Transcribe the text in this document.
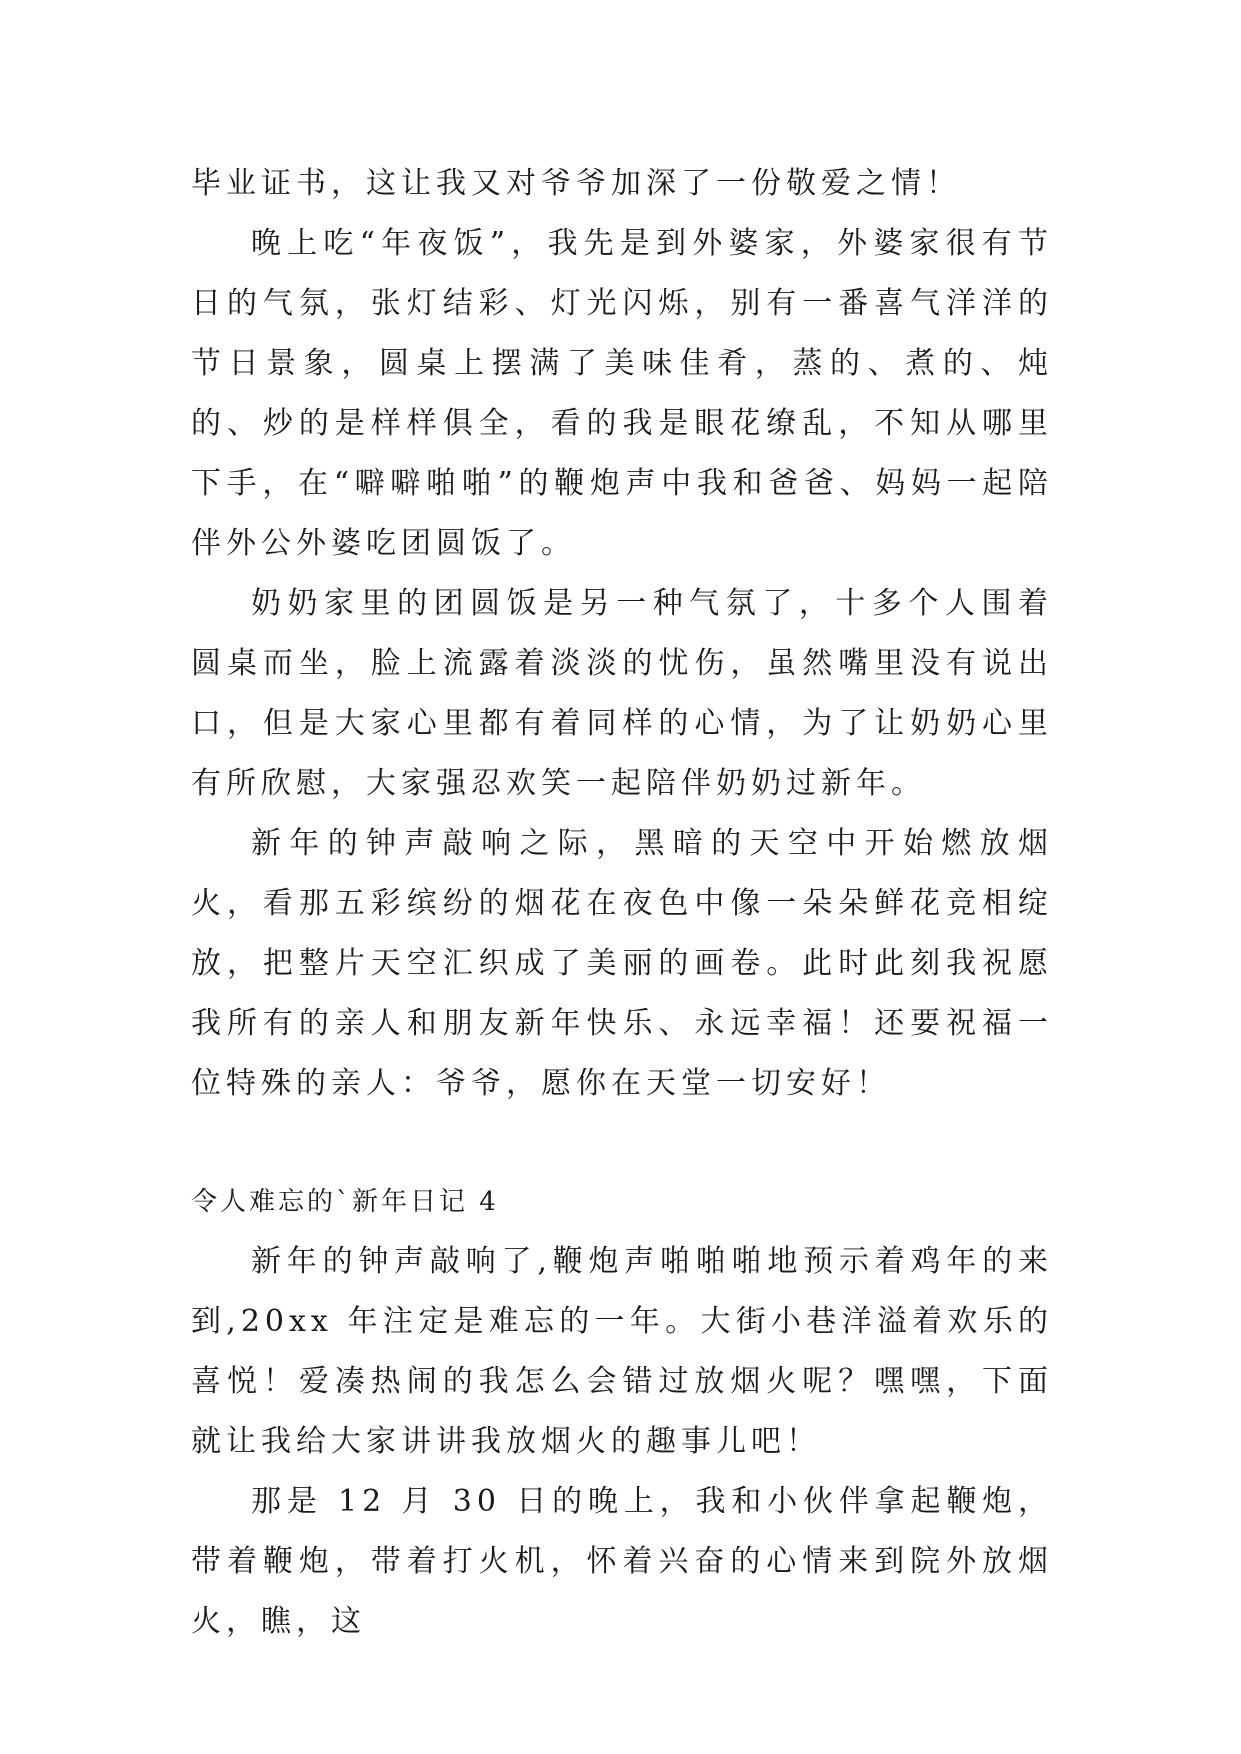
毕业证书，这让我又对爷爷加深了一份敬爱之情！

晚上吃“年夜饭”，我先是到外婆家，外婆家很有节日的气氛，张灯结彩、灯光闪烁，别有一番喜气洋洋的节日景象，圆桌上摆满了美味佳肴，蒸的、煮的、炖的、炒的是样样俱全，看的我是眼花缭乱，不知从哪里下手，在“噼噼啪啪”的鞭炮声中我和爸爸、妈妈一起陪伴外公外婆吃团圆饭了。

奶奶家里的团圆饭是另一种气氛了，十多个人围着圆桌而坐，脸上流露着淡淡的忧伤，虽然嘴里没有说出口，但是大家心里都有着同样的心情，为了让奶奶心里有所欣慰，大家强忍欢笑一起陪伴奶奶过新年。

新年的钟声敲响之际，黑暗的天空中开始燃放烟火，看那五彩缤纷的烟花在夜色中像一朵朵鲜花竞相绽放，把整片天空汇织成了美丽的画卷。此时此刻我祝愿我所有的亲人和朋友新年快乐、永远幸福！还要祝福一位特殊的亲人：爷爷，愿你在天堂一切安好！

令人难忘的`新年日记 4

新年的钟声敲响了,鞭炮声啪啪啪地预示着鸡年的来到,20xx 年注定是难忘的一年。大街小巷洋溢着欢乐的喜悦！爱凑热闹的我怎么会错过放烟火呢？嘿嘿，下面就让我给大家讲讲我放烟火的趣事儿吧！

那是 12 月 30 日的晚上，我和小伙伴拿起鞭炮，带着鞭炮，带着打火机，怀着兴奋的心情来到院外放烟火，瞧，这
